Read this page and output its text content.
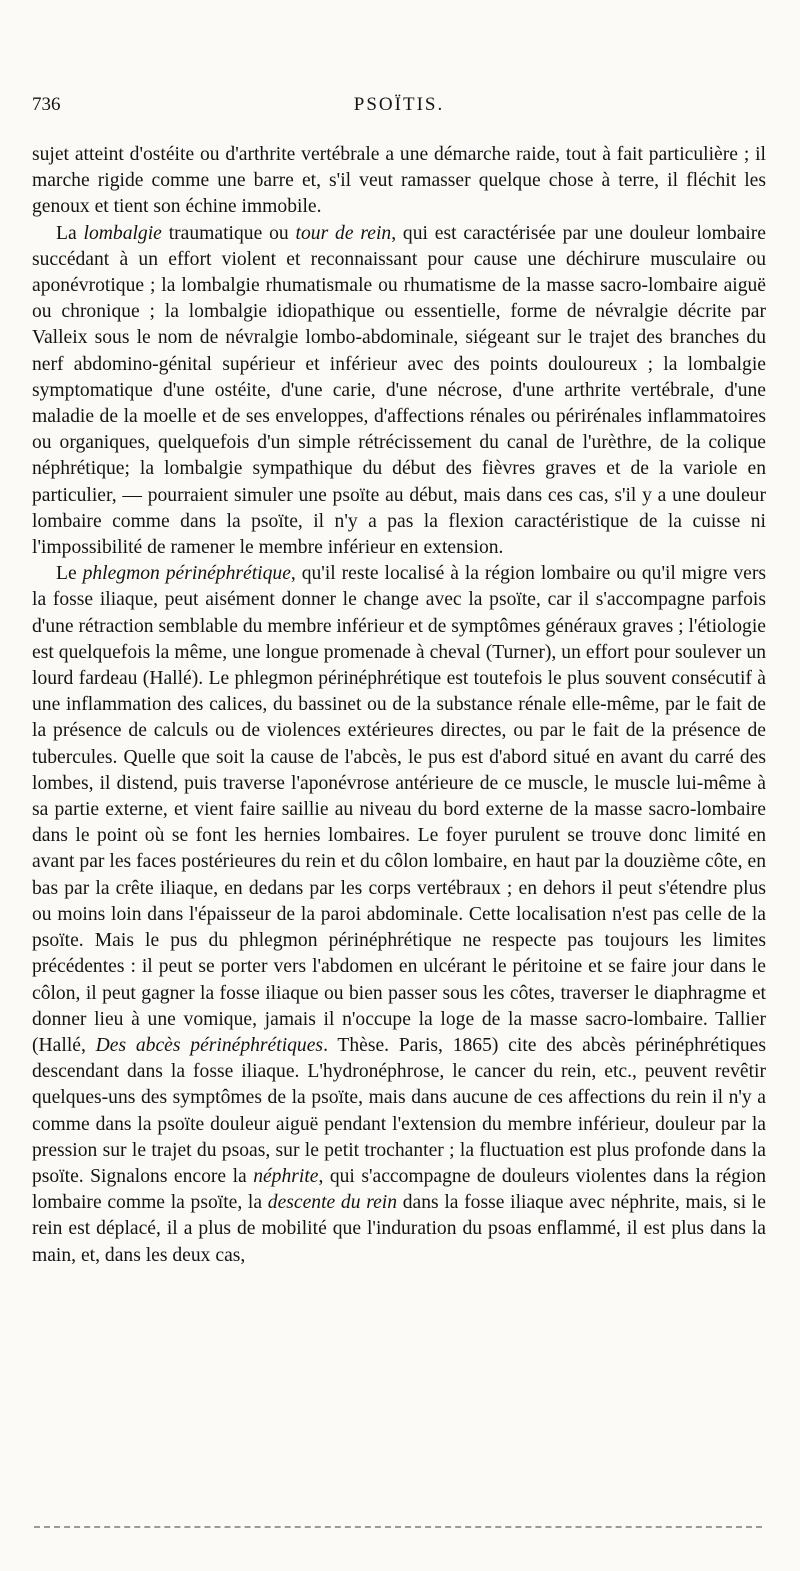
736	PSOÏTIS.

sujet atteint d'ostéite ou d'arthrite vertébrale a une démarche raide, tout à fait particulière ; il marche rigide comme une barre et, s'il veut ramasser quelque chose à terre, il fléchit les genoux et tient son échine immobile.

La lombalgie traumatique ou tour de rein, qui est caractérisée par une douleur lombaire succédant à un effort violent et reconnaissant pour cause une déchirure musculaire ou aponévrotique ; la lombalgie rhumatismale ou rhumatisme de la masse sacro-lombaire aiguë ou chronique ; la lombalgie idiopathique ou essentielle, forme de névralgie décrite par Valleix sous le nom de névralgie lombo-abdominale, siégeant sur le trajet des branches du nerf abdomino-génital supérieur et inférieur avec des points douloureux ; la lombalgie symptomatique d'une ostéite, d'une carie, d'une nécrose, d'une arthrite vertébrale, d'une maladie de la moelle et de ses enveloppes, d'affections rénales ou périrénales inflammatoires ou organiques, quelquefois d'un simple rétrécissement du canal de l'urèthre, de la colique néphrétique; la lombalgie sympathique du début des fièvres graves et de la variole en particulier, — pourraient simuler une psoïte au début, mais dans ces cas, s'il y a une douleur lombaire comme dans la psoïte, il n'y a pas la flexion caractéristique de la cuisse ni l'impossibilité de ramener le membre inférieur en extension.

Le phlegmon périnéphrétique, qu'il reste localisé à la région lombaire ou qu'il migre vers la fosse iliaque, peut aisément donner le change avec la psoïte, car il s'accompagne parfois d'une rétraction semblable du membre inférieur et de symptômes généraux graves ; l'étiologie est quelquefois la même, une longue promenade à cheval (Turner), un effort pour soulever un lourd fardeau (Hallé). Le phlegmon périnéphrétique est toutefois le plus souvent consécutif à une inflammation des calices, du bassinet ou de la substance rénale elle-même, par le fait de la présence de calculs ou de violences extérieures directes, ou par le fait de la présence de tubercules. Quelle que soit la cause de l'abcès, le pus est d'abord situé en avant du carré des lombes, il distend, puis traverse l'aponévrose antérieure de ce muscle, le muscle lui-même à sa partie externe, et vient faire saillie au niveau du bord externe de la masse sacro-lombaire dans le point où se font les hernies lombaires. Le foyer purulent se trouve donc limité en avant par les faces postérieures du rein et du côlon lombaire, en haut par la douzième côte, en bas par la crête iliaque, en dedans par les corps vertébraux ; en dehors il peut s'étendre plus ou moins loin dans l'épaisseur de la paroi abdominale. Cette localisation n'est pas celle de la psoïte. Mais le pus du phlegmon périnéphrétique ne respecte pas toujours les limites précédentes : il peut se porter vers l'abdomen en ulcérant le péritoine et se faire jour dans le côlon, il peut gagner la fosse iliaque ou bien passer sous les côtes, traverser le diaphragme et donner lieu à une vomique, jamais il n'occupe la loge de la masse sacro-lombaire. Tallier (Hallé, Des abcès périnéphrétiques. Thèse. Paris, 1865) cite des abcès périnéphrétiques descendant dans la fosse iliaque. L'hydronéphrose, le cancer du rein, etc., peuvent revêtir quelques-uns des symptômes de la psoïte, mais dans aucune de ces affections du rein il n'y a comme dans la psoïte douleur aiguë pendant l'extension du membre inférieur, douleur par la pression sur le trajet du psoas, sur le petit trochanter ; la fluctuation est plus profonde dans la psoïte. Signalons encore la néphrite, qui s'accompagne de douleurs violentes dans la région lombaire comme la psoïte, la descente du rein dans la fosse iliaque avec néphrite, mais, si le rein est déplacé, il a plus de mobilité que l'induration du psoas enflammé, il est plus dans la main, et, dans les deux cas,
